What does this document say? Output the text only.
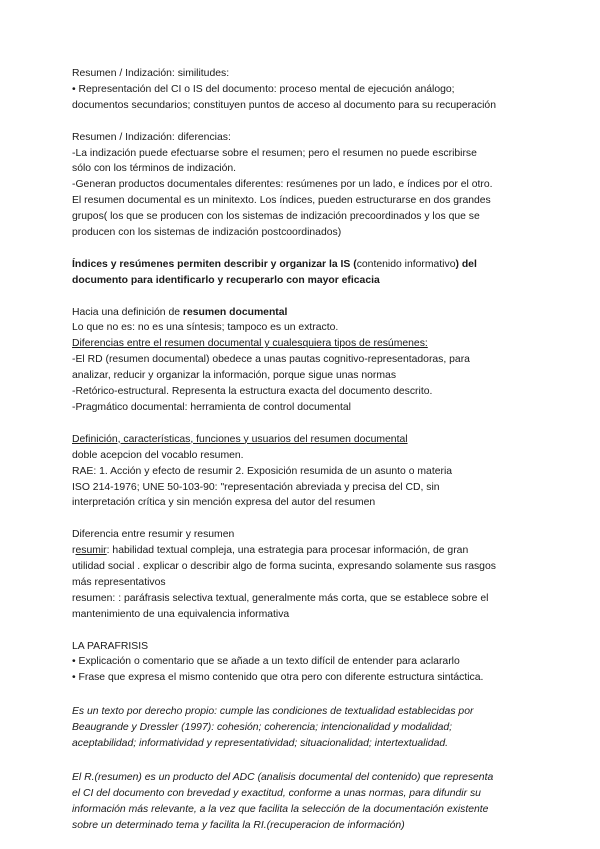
Resumen / Indización: similitudes:
• Representación del CI o IS del documento: proceso mental de ejecución análogo;
documentos secundarios; constituyen puntos de acceso al documento para su recuperación
Resumen / Indización: diferencias:
-La indización puede efectuarse sobre el resumen; pero el resumen no puede escribirse
sólo con los términos de indización.
-Generan productos documentales diferentes: resúmenes por un lado, e índices por el otro.
El resumen documental es un minitexto. Los índices, pueden estructurarse en dos grandes
grupos( los que se producen con los sistemas de indización precoordinados y los que se
producen con los sistemas de indización postcoordinados)
Índices y resúmenes permiten describir y organizar la IS (contenido informativo) del
documento para identificarlo y recuperarlo con mayor eficacia
Hacia una definición de resumen documental
Lo que no es: no es una síntesis; tampoco es un extracto.
Diferencias entre el resumen documental y cualesquiera tipos de resúmenes:
-El RD (resumen documental) obedece a unas pautas cognitivo-representadoras, para
analizar, reducir y organizar la información, porque sigue unas normas
-Retórico-estructural. Representa la estructura exacta del documento descrito.
-Pragmático documental: herramienta de control documental
Definición, características, funciones y usuarios del resumen documental
doble acepcion del vocablo resumen.
RAE: 1. Acción y efecto de resumir 2. Exposición resumida de un asunto o materia
ISO 214-1976; UNE 50-103-90: "representación abreviada y precisa del CD, sin
interpretación crítica y sin mención expresa del autor del resumen
Diferencia entre resumir y resumen
resumir: habilidad textual compleja, una estrategia para procesar información, de gran
utilidad social . explicar o describir algo de forma sucinta, expresando solamente sus rasgos
más representativos
resumen: : paráfrasis selectiva textual, generalmente más corta, que se establece sobre el
mantenimiento de una equivalencia informativa
LA PARAFRISIS
• Explicación o comentario que se añade a un texto difícil de entender para aclararlo
• Frase que expresa el mismo contenido que otra pero con diferente estructura sintáctica.
Es un texto por derecho propio: cumple las condiciones de textualidad establecidas por
Beaugrande y Dressler (1997): cohesión; coherencia; intencionalidad y modalidad;
aceptabilidad; informatividad y representatividad; situacionalidad; intertextualidad.
El R.(resumen) es un producto del ADC (analisis documental del contenido) que representa
el CI del documento con brevedad y exactitud, conforme a unas normas, para difundir su
información más relevante, a la vez que facilita la selección de la documentación existente
sobre un determinado tema y facilita la RI.(recuperacion de información)
